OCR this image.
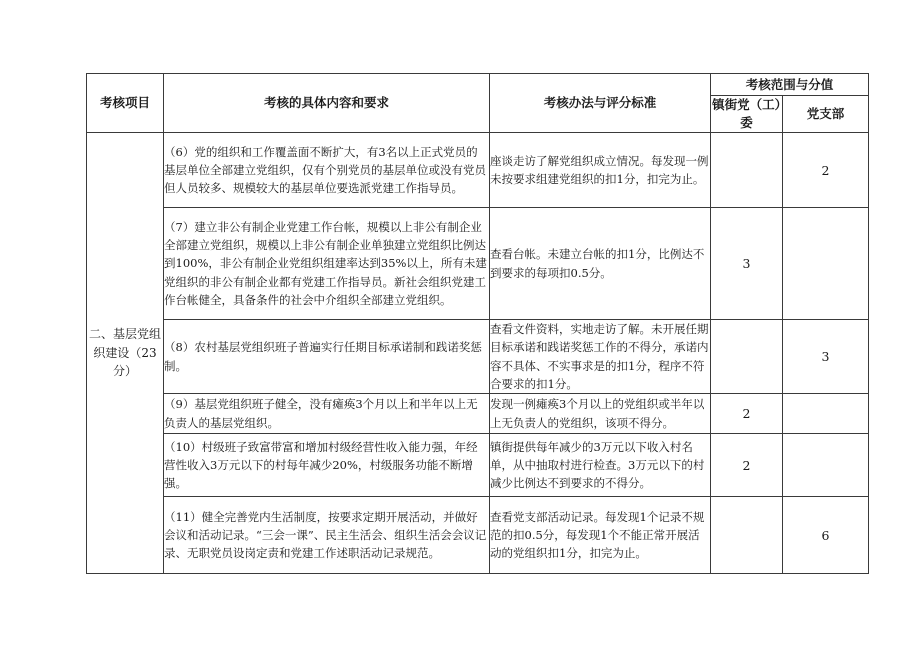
考核项目	考核的具体内容和要求	考核办法与评分标准	考核范围与分值	
			镇街党（工）委	党支部
二、基层党组织建设（23分）	（6）党的组织和工作覆盖面不断扩大，有3名以上正式党员的基层单位全部建立党组织，仅有个别党员的基层单位或没有党员但人员较多、规模较大的基层单位要选派党建工作指导员。	座谈走访了解党组织成立情况。每发现一例未按要求组建党组织的扣1分，扣完为止。		2
	（7）建立非公有制企业党建工作台帐，规模以上非公有制企业全部建立党组织，规模以上非公有制企业单独建立党组织比例达到100%，非公有制企业党组织组建率达到35%以上，所有未建党组织的非公有制企业都有党建工作指导员。新社会组织党建工作台帐健全，具备条件的社会中介组织全部建立党组织。	查看台帐。未建立台帐的扣1分，比例达不到要求的每项扣0.5分。	3	
	（8）农村基层党组织班子普遍实行任期目标承诺制和践诺奖惩制。	查看文件资料，实地走访了解。未开展任期目标承诺和践诺奖惩工作的不得分，承诺内容不具体、不实事求是的扣1分，程序不符合要求的扣1分。		3
	（9）基层党组织班子健全，没有瘫痪3个月以上和半年以上无负责人的基层党组织。	发现一例瘫痪3个月以上的党组织或半年以上无负责人的党组织，该项不得分。	2	
	（10）村级班子致富带富和增加村级经营性收入能力强，年经营性收入3万元以下的村每年减少20%，村级服务功能不断增强。	镇街提供每年减少的3万元以下收入村名单，从中抽取村进行检查。3万元以下的村减少比例达不到要求的不得分。	2	
	（11）健全完善党内生活制度，按要求定期开展活动，并做好会议和活动记录。“三会一课”、民主生活会、组织生活会会议记录、无职党员设岗定责和党建工作述职活动记录规范。	查看党支部活动记录。每发现1个记录不规范的扣0.5分，每发现1个不能正常开展活动的党组织扣1分，扣完为止。		6
